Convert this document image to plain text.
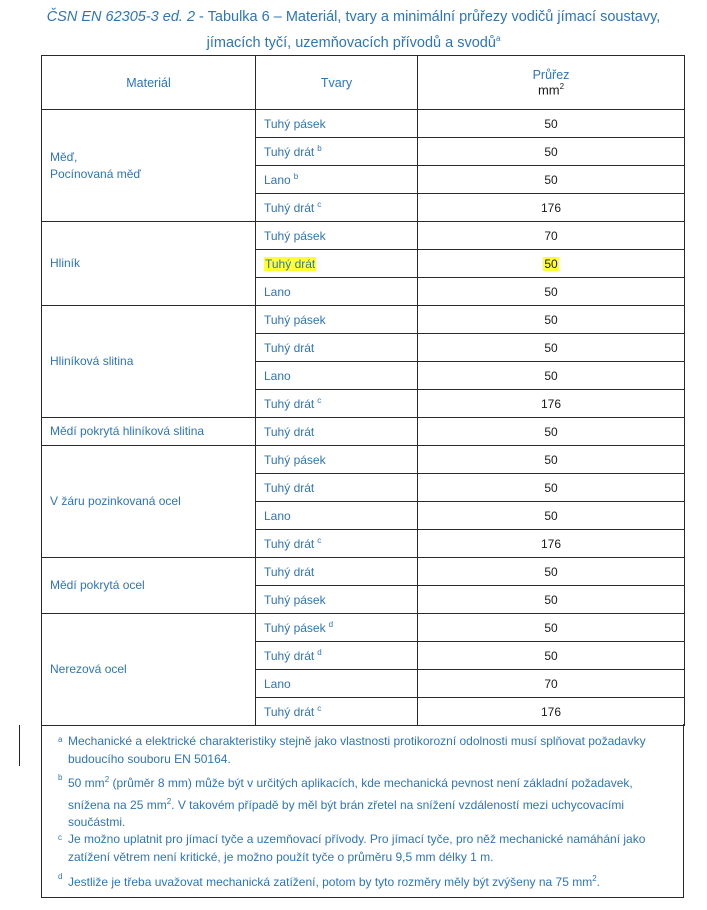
ČSN EN 62305-3 ed. 2 - Tabulka 6 – Materiál, tvary a minimální průřezy vodičů jímací soustavy,
jímacích tyčí, uzemňovacích přívodů a svodů$^a$
Materiál	Tvary	Průřez
$mm^2$

Měď,
Pocínovaná měď	Tuhý pásek	50
	Tuhý drát $^b$	50
	Lano $^b$	50
	Tuhý drát $^c$	176

Hliník	Tuhý pásek	70
	Tuhý drát	50
	Lano	50

Hliníková slitina	Tuhý pásek	50
	Tuhý drát	50
	Lano	50
	Tuhý drát $^c$	176

Mědí pokrytá hliníková slitina	Tuhý drát	50

V žáru pozinkovaná ocel	Tuhý pásek	50
	Tuhý drát	50
	Lano	50
	Tuhý drát $^c$	176

Mědí pokrytá ocel	Tuhý drát	50
	Tuhý pásek	50

Nerezová ocel	Tuhý pásek $^d$	50
	Tuhý drát $^d$	50
	Lano	70
	Tuhý drát $^c$	176
a Mechanické a elektrické charakteristiky stejně jako vlastnosti protikorozní odolnosti musí splňovat požadavky
budoucího souboru EN 50164.
b 50 $mm^2$ (průměr 8 mm) může být v určitých aplikacích, kde mechanická pevnost není základní požadavek,
snížena na 25 $mm^2$. V takovém případě by měl být brán zřetel na snížení vzdáleností mezi uchycovacími
součástmi.
c Je možno uplatnit pro jímací tyče a uzemňovací přívody. Pro jímací tyče, pro něž mechanické namáhání jako
zatížení větrem není kritické, je možno použít tyče o průměru 9,5 mm délky 1 m.
d Jestliže je třeba uvažovat mechanická zatížení, potom by tyto rozměry měly být zvýšeny na 75 $mm^2$.
